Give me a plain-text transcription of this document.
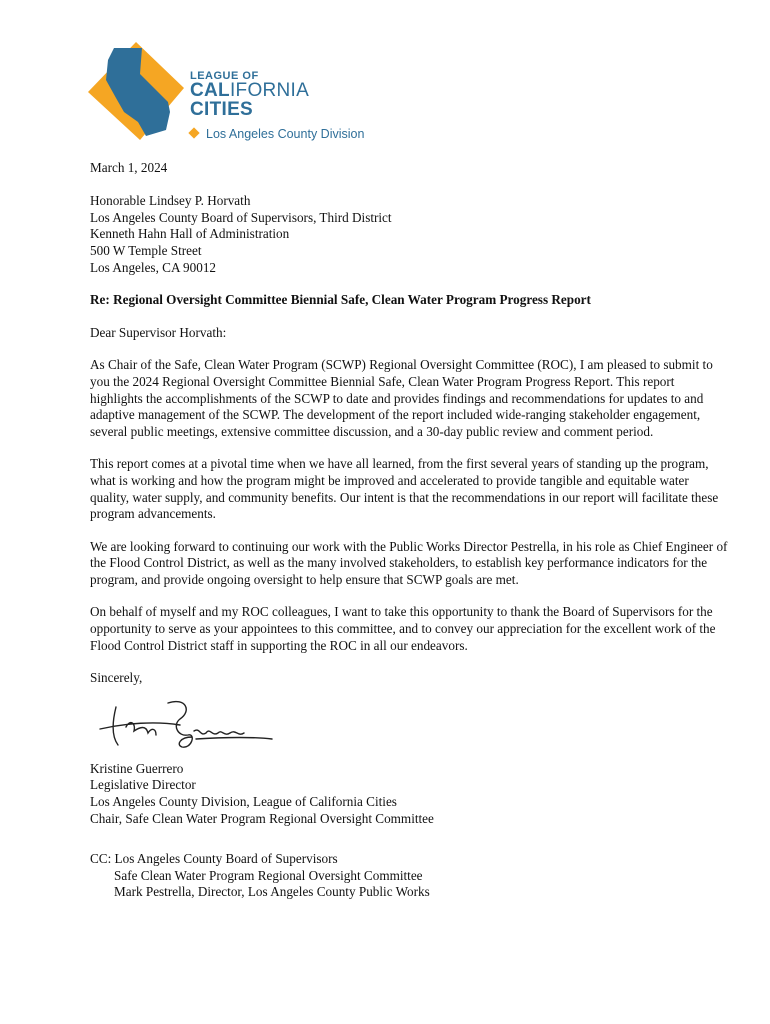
LEAGUE OF
CALIFORNIA
CITIES
Los Angeles County Division

March 1, 2024

Honorable Lindsey P. Horvath

Los Angeles County Board of Supervisors, Third District

Kenneth Hahn Hall of Administration

500 W Temple Street

Los Angeles, CA 90012

Re: Regional Oversight Committee Biennial Safe, Clean Water Program Progress Report

Dear Supervisor Horvath:

As Chair of the Safe, Clean Water Program (SCWP) Regional Oversight Committee (ROC), I am pleased to submit to you the 2024 Regional Oversight Committee Biennial Safe, Clean Water Program Progress Report. This report highlights the accomplishments of the SCWP to date and provides findings and recommendations for updates to and adaptive management of the SCWP. The development of the report included wide-ranging stakeholder engagement, several public meetings, extensive committee discussion, and a 30-day public review and comment period.

This report comes at a pivotal time when we have all learned, from the first several years of standing up the program, what is working and how the program might be improved and accelerated to provide tangible and equitable water quality, water supply, and community benefits. Our intent is that the recommendations in our report will facilitate these program advancements.

We are looking forward to continuing our work with the Public Works Director Pestrella, in his role as Chief Engineer of the Flood Control District, as well as the many involved stakeholders, to establish key performance indicators for the program, and provide ongoing oversight to help ensure that SCWP goals are met.

On behalf of myself and my ROC colleagues, I want to take this opportunity to thank the Board of Supervisors for the opportunity to serve as your appointees to this committee, and to convey our appreciation for the excellent work of the Flood Control District staff in supporting the ROC in all our endeavors.

Sincerely,

Kristine Guerrero

Legislative Director

Los Angeles County Division, League of California Cities

Chair, Safe Clean Water Program Regional Oversight Committee

CC: Los Angeles County Board of Supervisors

Safe Clean Water Program Regional Oversight Committee

Mark Pestrella, Director, Los Angeles County Public Works
